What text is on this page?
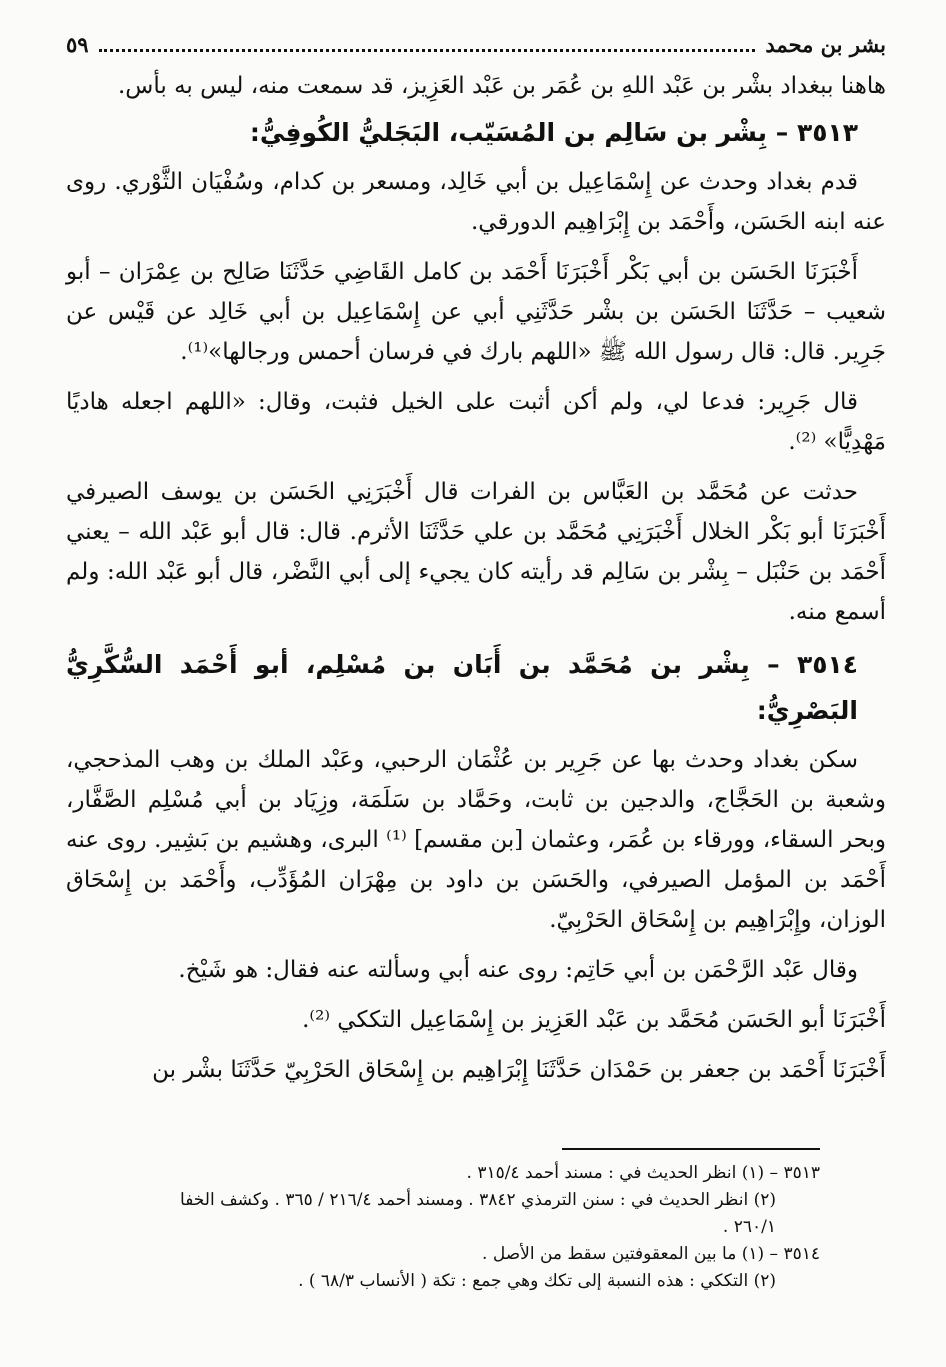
بشر بن محمد
٥٩

هاهنا ببغداد بشْر بن عَبْد اللهِ بن عُمَر بن عَبْد العَزِيز، قد سمعت منه، ليس به بأس.

٣٥١٣ – بِشْر بن سَالِم بن المُسَيّب، البَجَليُّ الكُوفِيُّ:

قدم بغداد وحدث عن إِسْمَاعِيل بن أبي خَالِد، ومسعر بن كدام، وسُفْيَان الثَّوْري. روى عنه ابنه الحَسَن، وأَحْمَد بن إِبْرَاهِيم الدورقي.

أَخْبَرَنَا الحَسَن بن أبي بَكْر أَخْبَرَنَا أَحْمَد بن كامل القَاضِي حَدَّثَنَا صَالِح بن عِمْرَان – أبو شعيب – حَدَّثَنَا الحَسَن بن بشْر حَدَّثَنِي أبي عن إِسْمَاعِيل بن أبي خَالِد عن قَيْس عن جَرِير. قال: قال رسول الله ﷺ «اللهم بارك في فرسان أحمس ورجالها»⁽¹⁾.

قال جَرِير: فدعا لي، ولم أكن أثبت على الخيل فثبت، وقال: «اللهم اجعله هاديًا مَهْدِيًّا» ⁽²⁾.

حدثت عن مُحَمَّد بن العَبَّاس بن الفرات قال أَخْبَرَنِي الحَسَن بن يوسف الصيرفي أَخْبَرَنَا أبو بَكْر الخلال أَخْبَرَنِي مُحَمَّد بن علي حَدَّثَنَا الأثرم. قال: قال أبو عَبْد الله – يعني أَحْمَد بن حَنْبَل – بِشْر بن سَالِم قد رأيته كان يجيء إلى أبي النَّضْر، قال أبو عَبْد الله: ولم أسمع منه.

٣٥١٤ – بِشْر بن مُحَمَّد بن أَبَان بن مُسْلِم، أبو أَحْمَد السُّكَّرِيُّ البَصْرِيُّ:

سكن بغداد وحدث بها عن جَرِير بن عُثْمَان الرحبي، وعَبْد الملك بن وهب المذحجي، وشعبة بن الحَجَّاج، والدجين بن ثابت، وحَمَّاد بن سَلَمَة، وزِيَاد بن أبي مُسْلِم الصَّفَّار، وبحر السقاء، وورقاء بن عُمَر، وعثمان [بن مقسم] ⁽¹⁾ البرى، وهشيم بن بَشِير. روى عنه أَحْمَد بن المؤمل الصيرفي، والحَسَن بن داود بن مِهْرَان المُؤَدِّب، وأَحْمَد بن إِسْحَاق الوزان، وإِبْرَاهِيم بن إِسْحَاق الحَرْبِيّ.

وقال عَبْد الرَّحْمَن بن أبي حَاتِم: روى عنه أبي وسألته عنه فقال: هو شَيْخ.

أَخْبَرَنَا أبو الحَسَن مُحَمَّد بن عَبْد العَزِيز بن إِسْمَاعِيل التككي ⁽²⁾.

أَخْبَرَنَا أَحْمَد بن جعفر بن حَمْدَان حَدَّثَنَا إِبْرَاهِيم بن إِسْحَاق الحَرْبِيّ حَدَّثَنَا بشْر بن

٣٥١٣ – (١) انظر الحديث في : مسند أحمد ٣١٥/٤ .

(٢) انظر الحديث في : سنن الترمذي ٣٨٤٢ . ومسند أحمد ٢١٦/٤ / ٣٦٥ . وكشف الخفا

٢٦٠/١ .

٣٥١٤ – (١) ما بين المعقوفتين سقط من الأصل .

(٢) التككي : هذه النسبة إلى تكك وهي جمع : تكة ( الأنساب ٦٨/٣ ) .
